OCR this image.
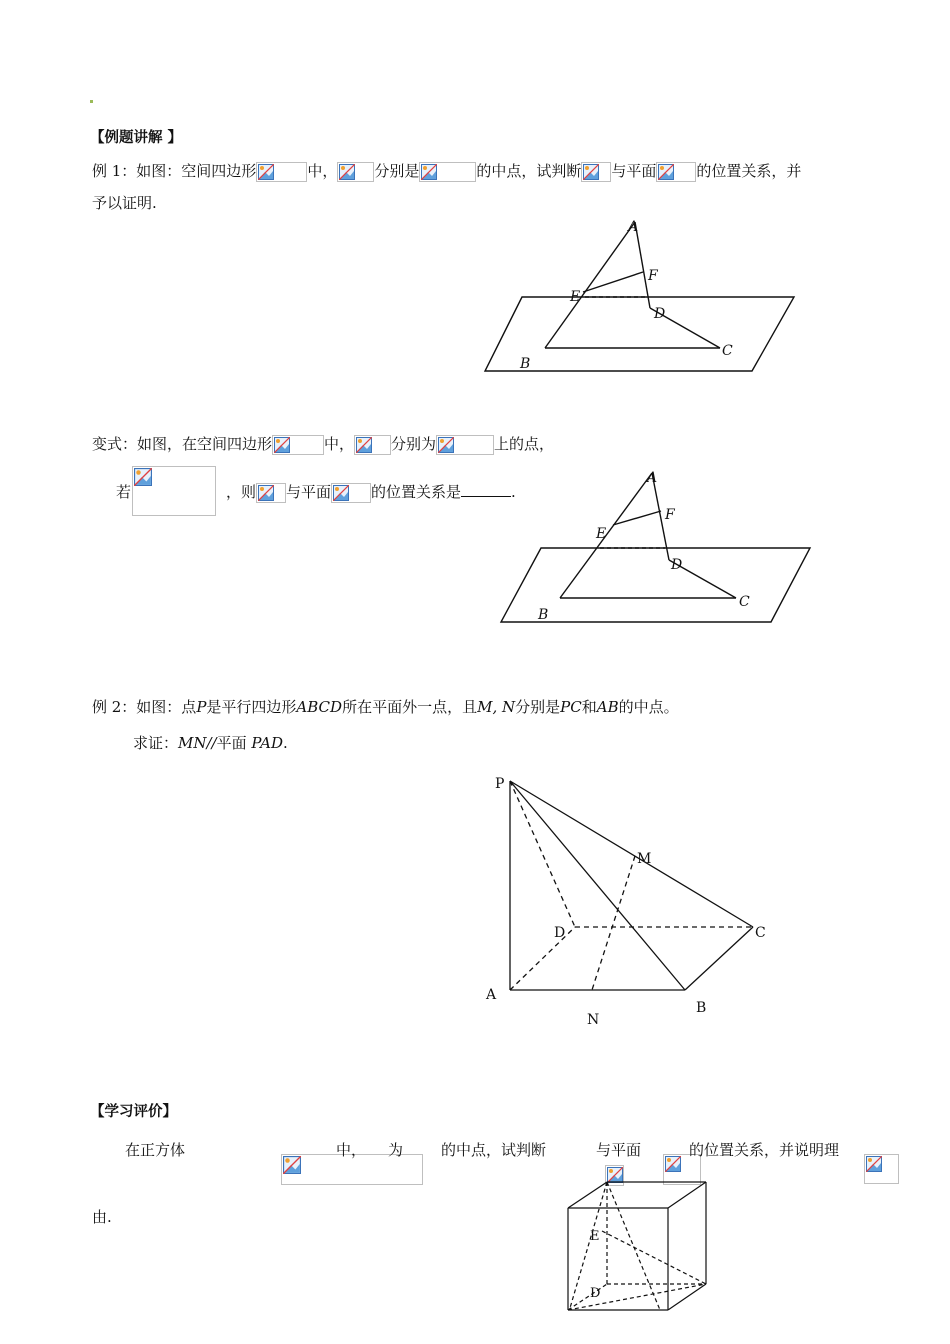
【例题讲解 】
例 1：如图：空间四边形	中， 分别是	的中点，试判断 与平面	的位置关系，并
予以证明.
A
F
E
D
C
B
变式：如图，在空间四边形	中， 分别为	上的点，
若
	，则 与平面	的位置关系是	.
A
F
E
D
C
B
例 2：如图：点P是平行四边形ABCD所在平面外一点，且M, N分别是PC和AB的中点。
求证：MN//平面 PAD.
P
M
D	C
A
B
N
【学习评价】
在正方体
	中，
为
	的中点，试判断
	与平面	的位置关系，并说明理
由.
E
D
